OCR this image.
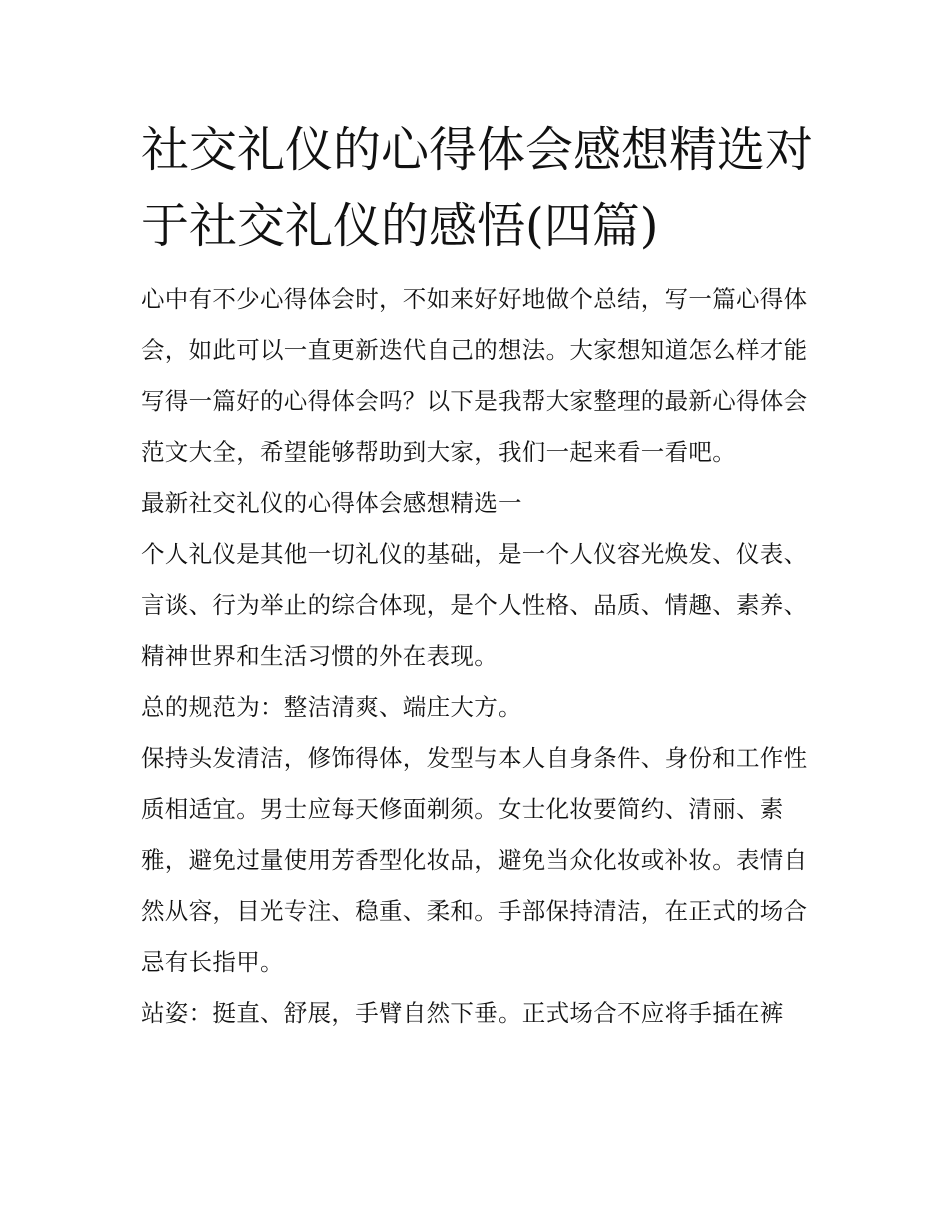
社交礼仪的心得体会感想精选对于社交礼仪的感悟(四篇)

心中有不少心得体会时，不如来好好地做个总结，写一篇心得体会，如此可以一直更新迭代自己的想法。大家想知道怎么样才能写得一篇好的心得体会吗？以下是我帮大家整理的最新心得体会范文大全，希望能够帮助到大家，我们一起来看一看吧。

最新社交礼仪的心得体会感想精选一

个人礼仪是其他一切礼仪的基础，是一个人仪容光焕发、仪表、言谈、行为举止的综合体现，是个人性格、品质、情趣、素养、精神世界和生活习惯的外在表现。

总的规范为：整洁清爽、端庄大方。

保持头发清洁，修饰得体，发型与本人自身条件、身份和工作性质相适宜。男士应每天修面剃须。女士化妆要简约、清丽、素雅，避免过量使用芳香型化妆品，避免当众化妆或补妆。表情自然从容，目光专注、稳重、柔和。手部保持清洁，在正式的场合忌有长指甲。

站姿：挺直、舒展，手臂自然下垂。正式场合不应将手插在裤
